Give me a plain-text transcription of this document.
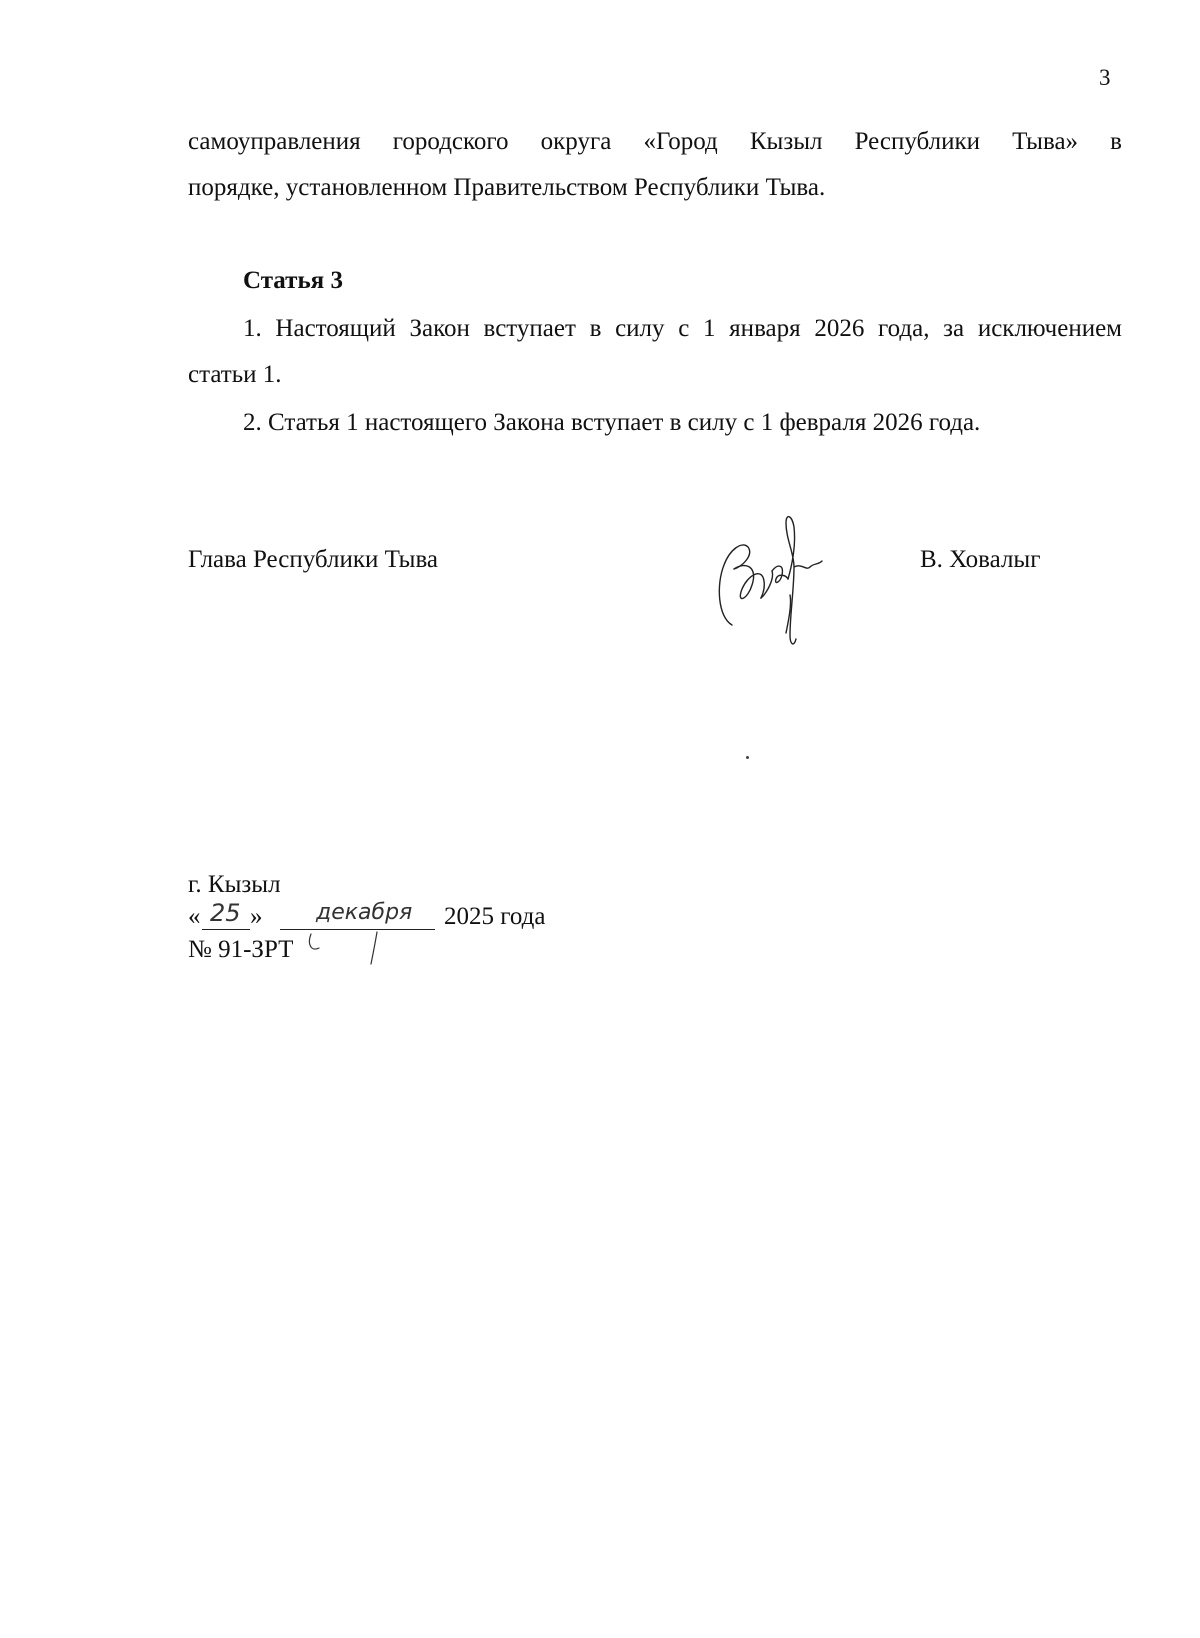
3
самоуправления городского округа «Город Кызыл Республики Тыва» в
порядке, установленном Правительством Республики Тыва.
Статья 3
1. Настоящий Закон вступает в силу с 1 января 2026 года, за исключением
статьи 1.
2. Статья 1 настоящего Закона вступает в силу с 1 февраля 2026 года.
Глава Республики Тыва	В. Ховалыг
г. Кызыл
« 25 » декабря 2025 года
№ 91-ЗРТ
